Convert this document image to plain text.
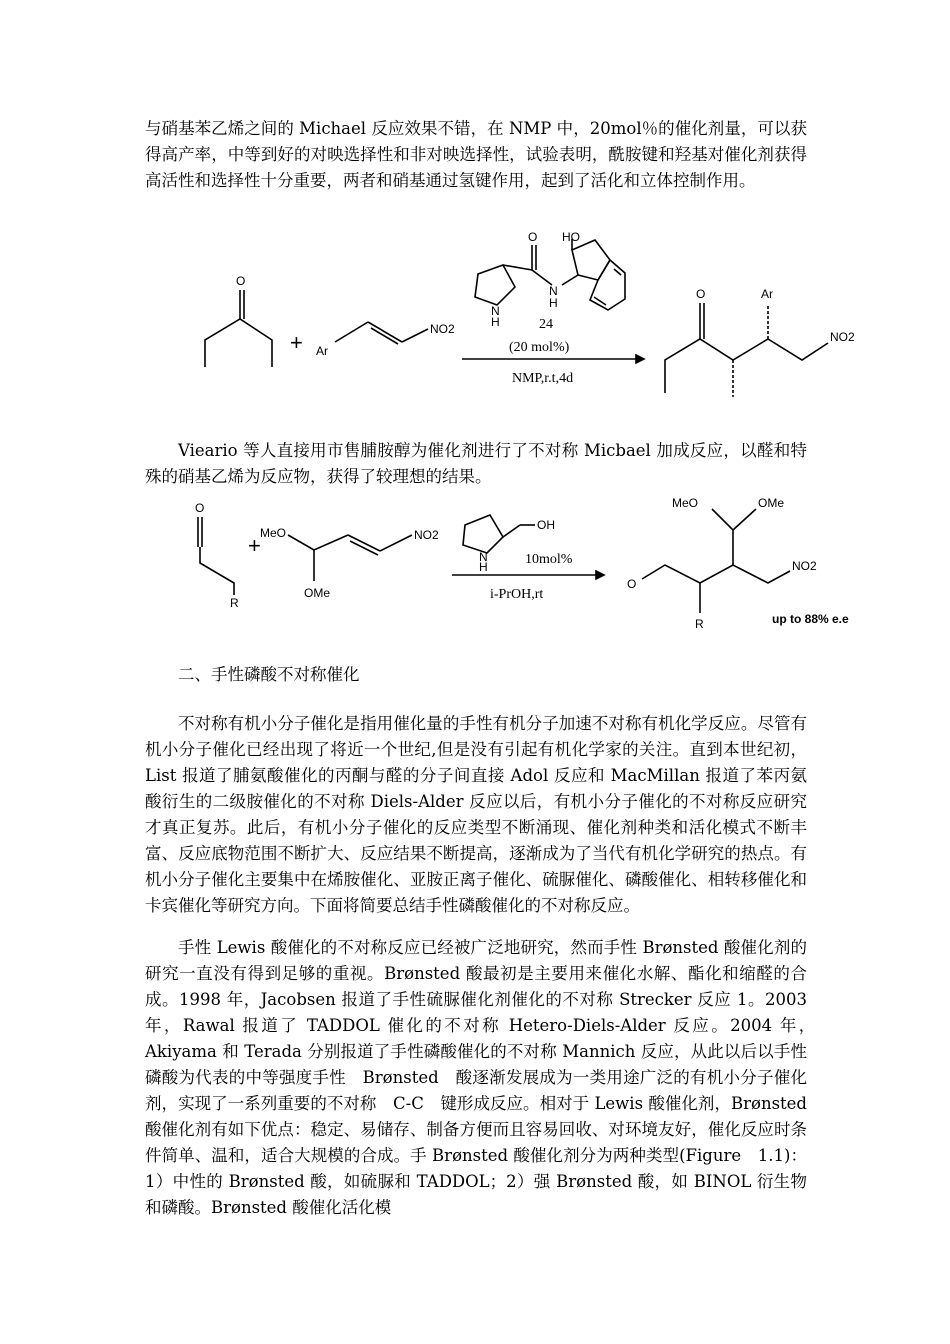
与硝基苯乙烯之间的 Michael 反应效果不错，在 NMP 中，20mol％的催化剂量，可以获得高产率，中等到好的对映选择性和非对映选择性，试验表明，酰胺键和羟基对催化剂获得高活性和选择性十分重要，两者和硝基通过氢键作用，起到了活化和立体控制作用。

O
+ Ar
NO2
HO
O
N
H
N
H	24
(20 mol%)
NMP,r.t,4d
O	Ar
NO2

Viеario 等人直接用市售脯胺醇为催化剂进行了不对称 Micbael 加成反应，以醛和特殊的硝基乙烯为反应物，获得了较理想的结果。

O
R
+ MeO	NO2
OMe
OH
N
H	10mol%
i-PrOH,rt
MeO	OMe
NO2
O
R	up to 88% e.e

二、手性磷酸不对称催化

不对称有机小分子催化是指用催化量的手性有机分子加速不对称有机化学反应。尽管有机小分子催化已经出现了将近一个世纪,但是没有引起有机化学家的关注。直到本世纪初，List 报道了脯氨酸催化的丙酮与醛的分子间直接 Adol 反应和 MacMillan 报道了苯丙氨酸衍生的二级胺催化的不对称 Diels-Alder 反应以后，有机小分子催化的不对称反应研究才真正复苏。此后，有机小分子催化的反应类型不断涌现、催化剂种类和活化模式不断丰富、反应底物范围不断扩大、反应结果不断提高，逐渐成为了当代有机化学研究的热点。有机小分子催化主要集中在烯胺催化、亚胺正离子催化、硫脲催化、磷酸催化、相转移催化和卡宾催化等研究方向。下面将简要总结手性磷酸催化的不对称反应。

手性 Lewis 酸催化的不对称反应已经被广泛地研究，然而手性 Brønsted 酸催化剂的研究一直没有得到足够的重视。Brønsted 酸最初是主要用来催化水解、酯化和缩醛的合成。1998 年，Jacobsen 报道了手性硫脲催化剂催化的不对称 Strecker 反应 1。2003 年，Rawal 报道了 TADDOL 催化的不对称 Hetero-Diels-Alder 反应。2004 年，　Akiyama 和 Terada 分别报道了手性磷酸催化的不对称 Mannich 反应，从此以后以手性磷酸为代表的中等强度手性　Brønsted　酸逐渐发展成为一类用途广泛的有机小分子催化剂，实现了一系列重要的不对称　C-C　键形成反应。相对于 Lewis 酸催化剂，Brønsted 酸催化剂有如下优点：稳定、易储存、制备方便而且容易回收、对环境友好，催化反应时条件简单、温和，适合大规模的合成。手 Brønsted 酸催化剂分为两种类型(Figure　1.1)：1）中性的 Brønsted 酸，如硫脲和 TADDOL；2）强 Brønsted 酸，如 BINOL 衍生物和磷酸。Brønsted 酸催化活化模
